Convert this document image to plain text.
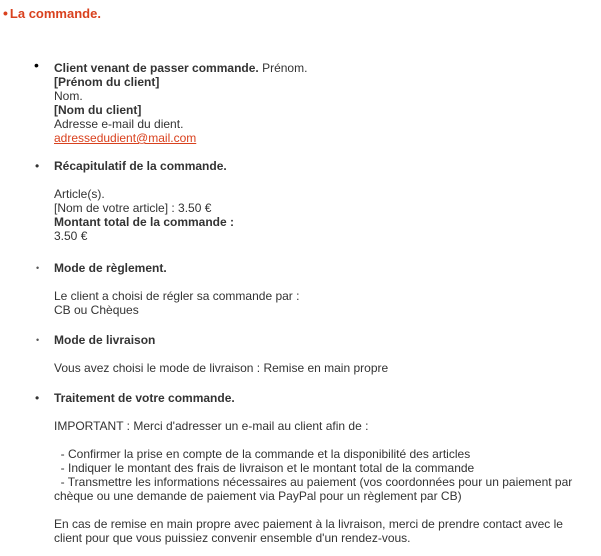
• La commande.
• Client venant de passer commande. Prénom.
[Prénom du client]
Nom.
[Nom du client]
Adresse e-mail du dient.
adressedudient@mail.com
• Récapitulatif de la commande.
Article(s).
[Nom de votre article] : 3.50 €
Montant total de la commande :
3.50 €
• Mode de règlement.
Le client a choisi de régler sa commande par :
CB ou Chèques
• Mode de livraison
Vous avez choisi le mode de livraison : Remise en main propre
• Traitement de votre commande.
IMPORTANT : Merci d'adresser un e-mail au client afin de :
- Confirmer la prise en compte de la commande et la disponibilité des articles
- Indiquer le montant des frais de livraison et le montant total de la commande
- Transmettre les informations nécessaires au paiement (vos coordonnées pour un paiement par chèque ou une demande de paiement via PayPal pour un règlement par CB)
En cas de remise en main propre avec paiement à la livraison, merci de prendre contact avec le client pour que vous puissiez convenir ensemble d'un rendez-vous.
